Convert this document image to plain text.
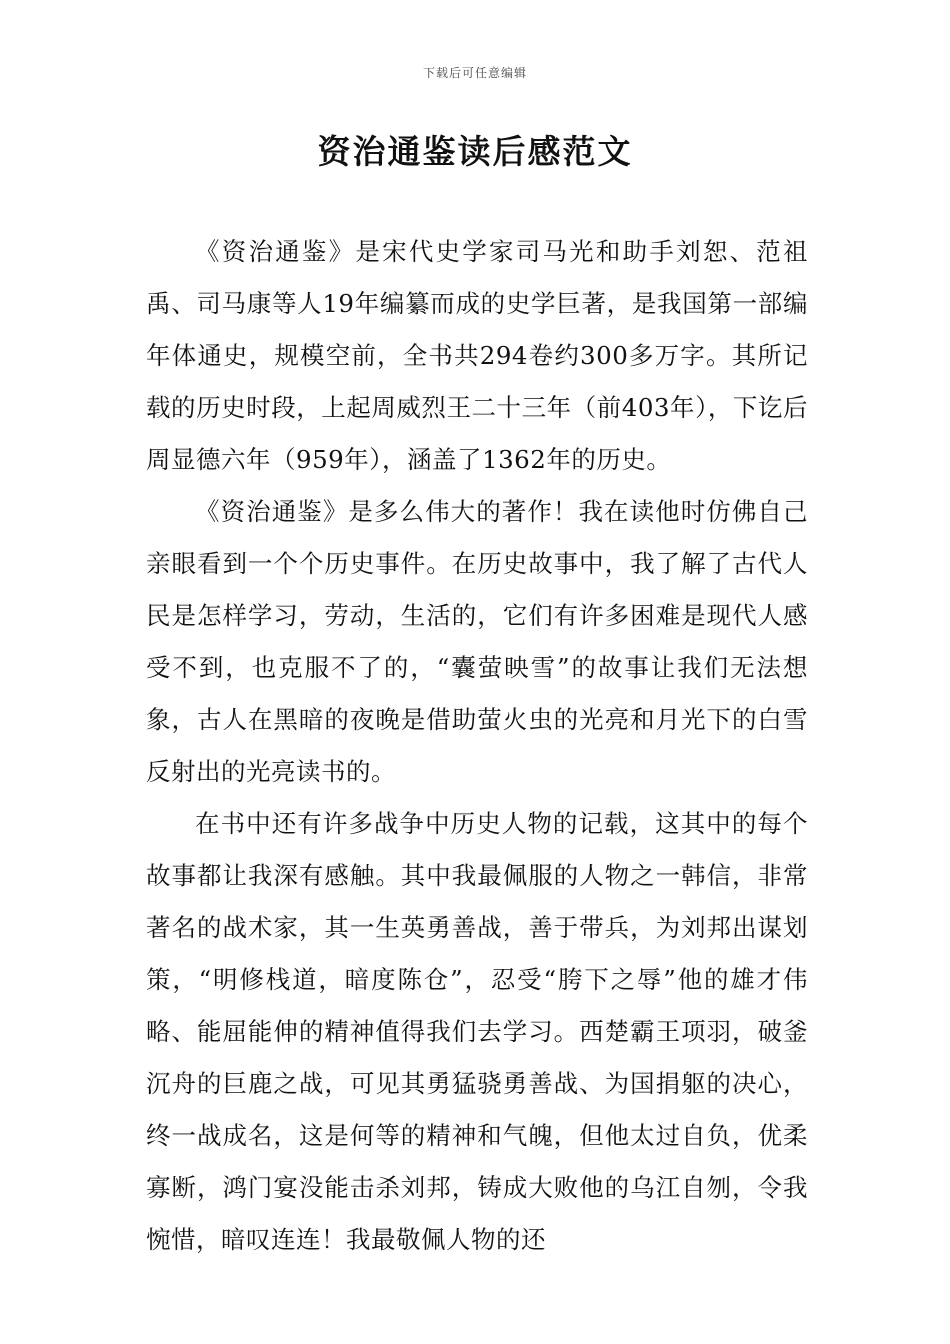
下载后可任意编辑
资治通鉴读后感范文

《资治通鉴》是宋代史学家司马光和助手刘恕、范祖禹、司马康等人19年编纂而成的史学巨著，是我国第一部编年体通史，规模空前，全书共294卷约300多万字。其所记载的历史时段，上起周威烈王二十三年（前403年），下讫后周显德六年（959年），涵盖了1362年的历史。

《资治通鉴》是多么伟大的著作！我在读他时仿佛自己亲眼看到一个个历史事件。在历史故事中，我了解了古代人民是怎样学习，劳动，生活的，它们有许多困难是现代人感受不到，也克服不了的，“囊萤映雪”的故事让我们无法想象，古人在黑暗的夜晚是借助萤火虫的光亮和月光下的白雪反射出的光亮读书的。

在书中还有许多战争中历史人物的记载，这其中的每个故事都让我深有感触。其中我最佩服的人物之一韩信，非常著名的战术家，其一生英勇善战，善于带兵，为刘邦出谋划策，“明修栈道，暗度陈仓”，忍受“胯下之辱”他的雄才伟略、能屈能伸的精神值得我们去学习。西楚霸王项羽，破釜沉舟的巨鹿之战，可见其勇猛骁勇善战、为国捐躯的决心，终一战成名，这是何等的精神和气魄，但他太过自负，优柔寡断，鸿门宴没能击杀刘邦，铸成大败他的乌江自刎，令我惋惜，暗叹连连！我最敬佩人物的还
